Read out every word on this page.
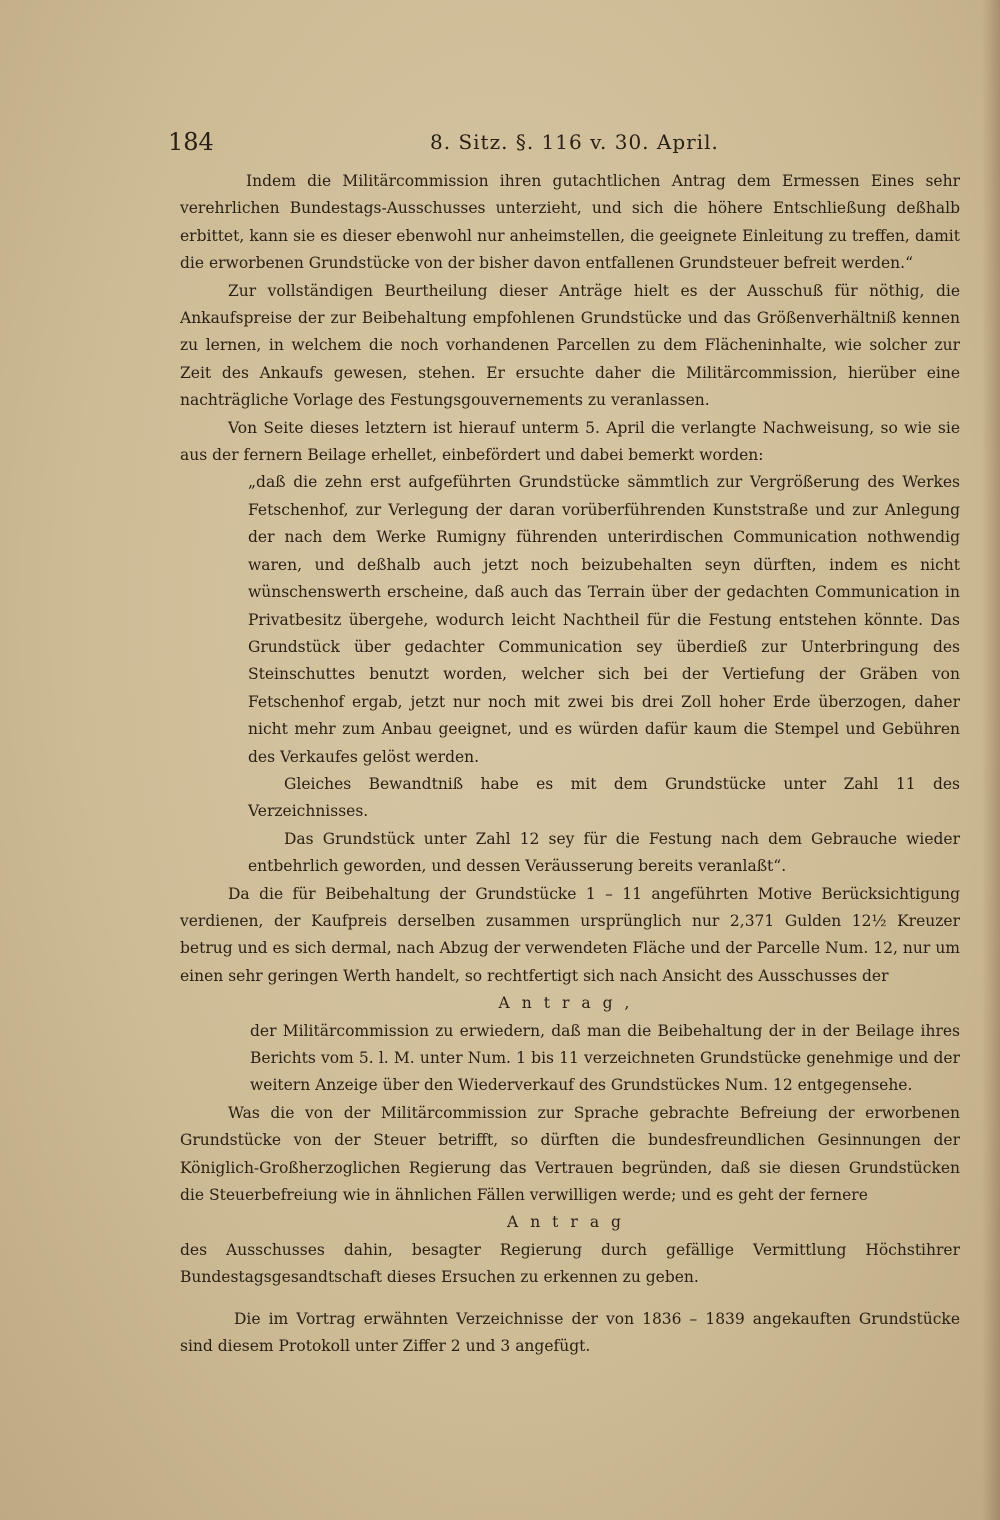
184	8. Sitz. §. 116 v. 30. April.

Indem die Militärcommission ihren gutachtlichen Antrag dem Ermessen Eines sehr verehrlichen Bundestags-Ausschusses unterzieht, und sich die höhere Entschließung deßhalb erbittet, kann sie es dieser ebenwohl nur anheimstellen, die geeignete Einleitung zu treffen, damit die erworbenen Grundstücke von der bisher davon entfallenen Grundsteuer befreit werden.“

Zur vollständigen Beurtheilung dieser Anträge hielt es der Ausschuß für nöthig, die Ankaufspreise der zur Beibehaltung empfohlenen Grundstücke und das Größenverhältniß kennen zu lernen, in welchem die noch vorhandenen Parcellen zu dem Flächeninhalte, wie solcher zur Zeit des Ankaufs gewesen, stehen. Er ersuchte daher die Militärcommission, hierüber eine nachträgliche Vorlage des Festungsgouvernements zu veranlassen.

Von Seite dieses letztern ist hierauf unterm 5. April die verlangte Nachweisung, so wie sie aus der fernern Beilage erhellet, einbefördert und dabei bemerkt worden:

„daß die zehn erst aufgeführten Grundstücke sämmtlich zur Vergrößerung des Werkes Fetschenhof, zur Verlegung der daran vorüberführenden Kunststraße und zur Anlegung der nach dem Werke Rumigny führenden unterirdischen Communication nothwendig waren, und deßhalb auch jetzt noch beizubehalten seyn dürften, indem es nicht wünschenswerth erscheine, daß auch das Terrain über der gedachten Communication in Privatbesitz übergehe, wodurch leicht Nachtheil für die Festung entstehen könnte. Das Grundstück über gedachter Communication sey überdieß zur Unterbringung des Steinschuttes benutzt worden, welcher sich bei der Vertiefung der Gräben von Fetschenhof ergab, jetzt nur noch mit zwei bis drei Zoll hoher Erde überzogen, daher nicht mehr zum Anbau geeignet, und es würden dafür kaum die Stempel und Gebühren des Verkaufes gelöst werden.

Gleiches Bewandtniß habe es mit dem Grundstücke unter Zahl 11 des Verzeichnisses.

Das Grundstück unter Zahl 12 sey für die Festung nach dem Gebrauche wieder entbehrlich geworden, und dessen Veräusserung bereits veranlaßt“.

Da die für Beibehaltung der Grundstücke 1 – 11 angeführten Motive Berücksichtigung verdienen, der Kaufpreis derselben zusammen ursprünglich nur 2,371 Gulden 12½ Kreuzer betrug und es sich dermal, nach Abzug der verwendeten Fläche und der Parcelle Num. 12, nur um einen sehr geringen Werth handelt, so rechtfertigt sich nach Ansicht des Ausschusses der

Antrag,

der Militärcommission zu erwiedern, daß man die Beibehaltung der in der Beilage ihres Berichts vom 5. l. M. unter Num. 1 bis 11 verzeichneten Grundstücke genehmige und der weitern Anzeige über den Wiederverkauf des Grundstückes Num. 12 entgegensehe.

Was die von der Militärcommission zur Sprache gebrachte Befreiung der erworbenen Grundstücke von der Steuer betrifft, so dürften die bundesfreundlichen Gesinnungen der Königlich-Großherzoglichen Regierung das Vertrauen begründen, daß sie diesen Grundstücken die Steuerbefreiung wie in ähnlichen Fällen verwilligen werde; und es geht der fernere

Antrag

des Ausschusses dahin, besagter Regierung durch gefällige Vermittlung Höchstihrer Bundestagsgesandtschaft dieses Ersuchen zu erkennen zu geben.

Die im Vortrag erwähnten Verzeichnisse der von 1836 – 1839 angekauften Grundstücke sind diesem Protokoll unter Ziffer 2 und 3 angefügt.
